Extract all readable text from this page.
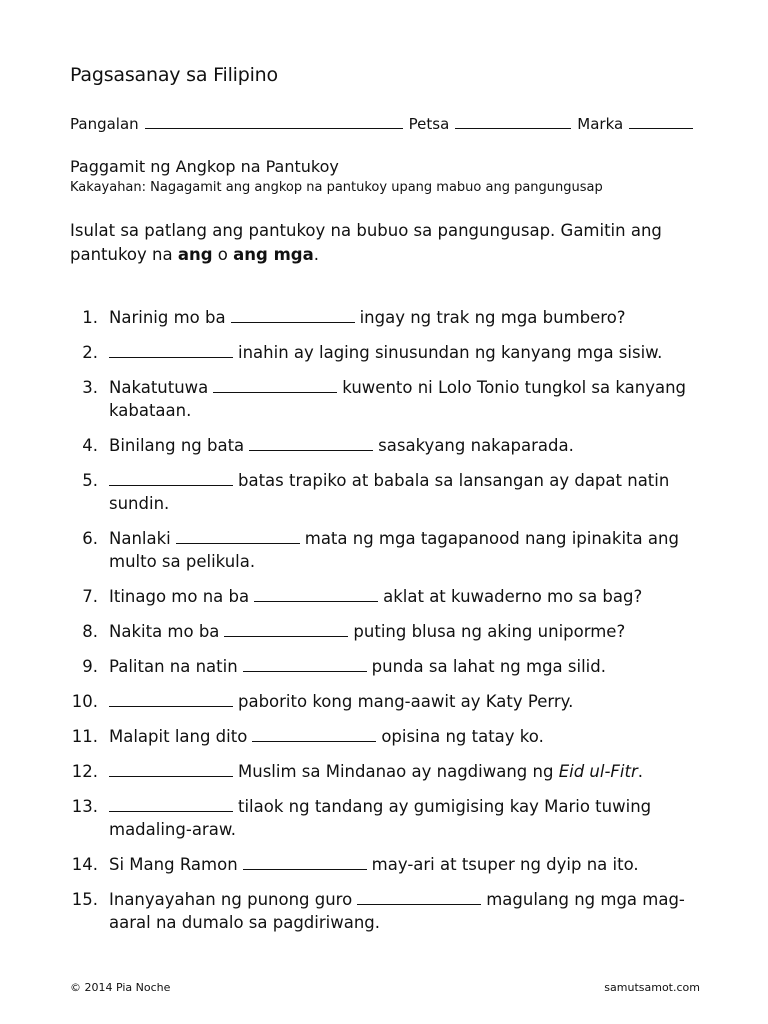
Pagsasanay sa Filipino
Pangalan	Petsa	Marka
Paggamit ng Angkop na Pantukoy
Kakayahan: Nagagamit ang angkop na pantukoy upang mabuo ang pangungusap
Isulat sa patlang ang pantukoy na bubuo sa pangungusap. Gamitin ang pantukoy na ang o ang mga.
1. Narinig mo ba	ingay ng trak ng mga bumbero?
2.	inahin ay laging sinusundan ng kanyang mga sisiw.
3. Nakatutuwa	kuwento ni Lolo Tonio tungkol sa kanyang kabataan.
4. Binilang ng bata	sasakyang nakaparada.
5.	batas trapiko at babala sa lansangan ay dapat natin sundin.
6. Nanlaki	mata ng mga tagapanood nang ipinakita ang multo sa pelikula.
7. Itinago mo na ba	aklat at kuwaderno mo sa bag?
8. Nakita mo ba	puting blusa ng aking uniporme?
9. Palitan na natin	punda sa lahat ng mga silid.
10.	paborito kong mang-aawit ay Katy Perry.
11. Malapit lang dito	opisina ng tatay ko.
12.	Muslim sa Mindanao ay nagdiwang ng Eid ul-Fitr.
13.	tilaok ng tandang ay gumigising kay Mario tuwing madaling-araw.
14. Si Mang Ramon	may-ari at tsuper ng dyip na ito.
15. Inanyayahan ng punong guro	magulang ng mga mag-aaral na dumalo sa pagdiriwang.
© 2014 Pia Noche	samutsamot.com
